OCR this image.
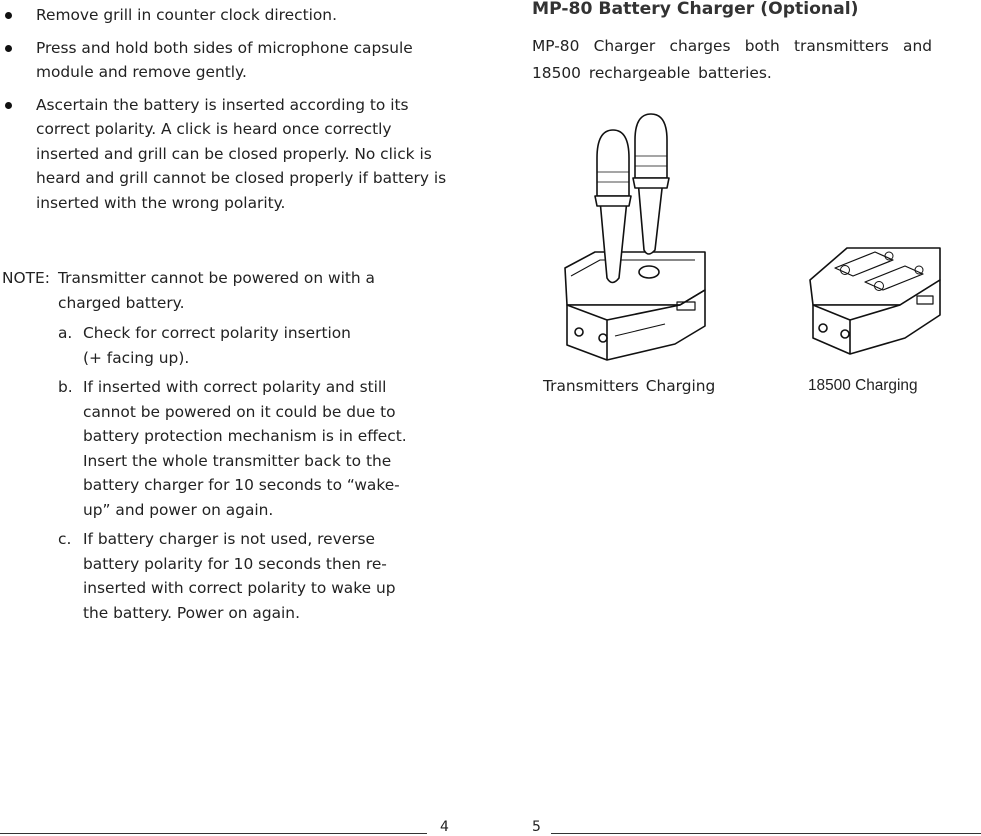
Remove grill in counter clock direction.
Press and hold both sides of microphone capsule module and remove gently.
Ascertain the battery is inserted according to its correct polarity. A click is heard once correctly inserted and grill can be closed properly. No click is heard and grill cannot be closed properly if battery is inserted with the wrong polarity.
NOTE: Transmitter cannot be powered on with a
charged battery.
a. Check for correct polarity insertion
(+ facing up).
b. If inserted with correct polarity and still
cannot be powered on it could be due to
battery protection mechanism is in effect.
Insert the whole transmitter back to the
battery charger for 10 seconds to “wake-
up” and power on again.
c. If battery charger is not used, reverse
battery polarity for 10 seconds then re-
inserted with correct polarity to wake up
the battery. Power on again.
MP-80 Battery Charger (Optional)
MP-80 Charger charges both transmitters and 18500 rechargeable batteries.
Transmitters Charging	18500 Charging
4	5
